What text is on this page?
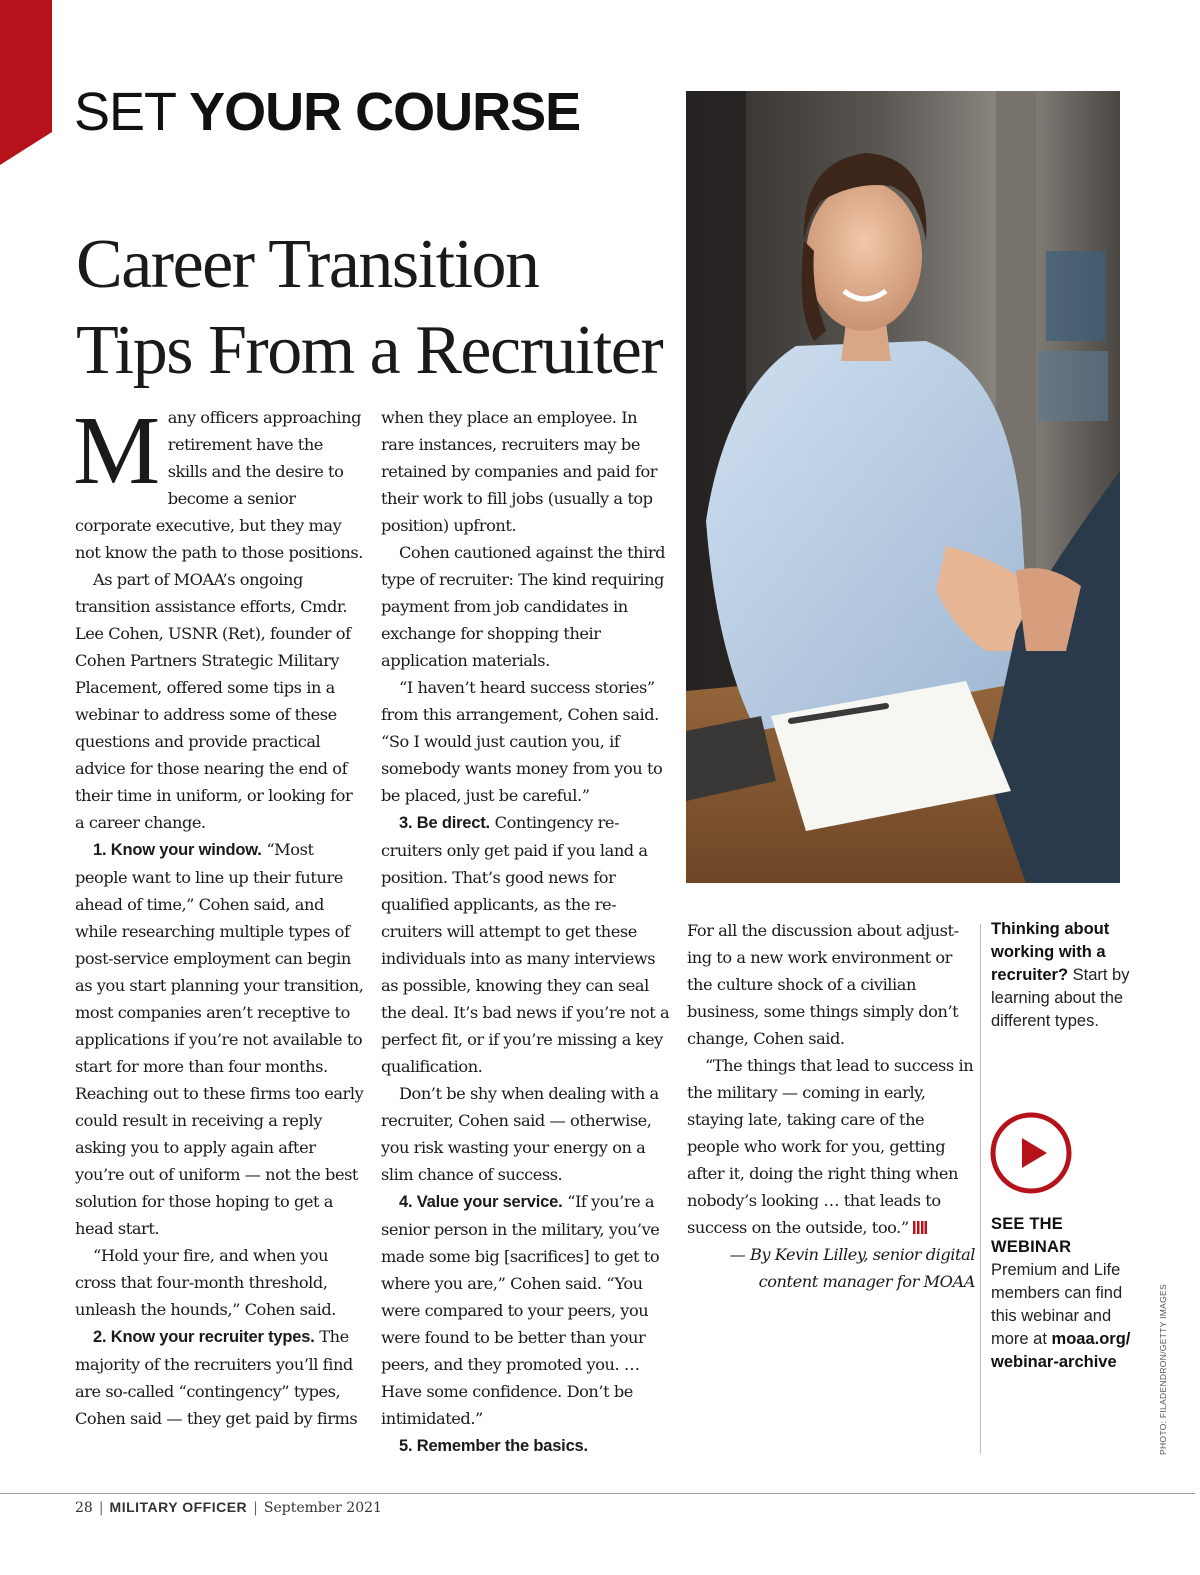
SET YOUR COURSE
Career Transition
Tips From a Recruiter

Many officers approaching retirement have the skills and the desire to become a senior corporate executive, but they may not know the path to those positions.

As part of MOAA’s ongoing transition assistance efforts, Cmdr. Lee Cohen, USNR (Ret), founder of Cohen Partners Strategic Military Placement, offered some tips in a webinar to address some of these questions and provide practical advice for those nearing the end of their time in uniform, or looking for a career change.

1. Know your window. “Most people want to line up their future ahead of time,” Cohen said, and while researching multiple types of post-service employment can begin as you start planning your transition, most companies aren’t receptive to applications if you’re not available to start for more than four months. Reaching out to these firms too early could result in receiving a reply asking you to apply again after you’re out of uniform — not the best solution for those hoping to get a head start.

“Hold your fire, and when you cross that four-month threshold, unleash the hounds,” Cohen said.

2. Know your recruiter types. The majority of the recruiters you’ll find are so-called “contingency” types, Cohen said — they get paid by firms

when they place an employee. In rare instances, recruiters may be retained by companies and paid for their work to fill jobs (usually a top position) upfront.

Cohen cautioned against the third type of recruiter: The kind requiring payment from job candidates in exchange for shopping their application materials.

“I haven’t heard success stories” from this arrangement, Cohen said. “So I would just caution you, if somebody wants money from you to be placed, just be careful.”

3. Be direct. Contingency recruiters only get paid if you land a position. That’s good news for qualified applicants, as the recruiters will attempt to get these individuals into as many interviews as possible, knowing they can seal the deal. It’s bad news if you’re not a perfect fit, or if you’re missing a key qualification.

Don’t be shy when dealing with a recruiter, Cohen said — otherwise, you risk wasting your energy on a slim chance of success.

4. Value your service. “If you’re a senior person in the military, you’ve made some big [sacrifices] to get to where you are,” Cohen said. “You were compared to your peers, you were found to be better than your peers, and they promoted you. … Have some confidence. Don’t be intimidated.”

5. Remember the basics.

For all the discussion about adjusting to a new work environment or the culture shock of a civilian business, some things simply don’t change, Cohen said.

“The things that lead to success in the military — coming in early, staying late, taking care of the people who work for you, getting after it, doing the right thing when nobody’s looking … that leads to success on the outside, too.”

— By Kevin Lilley, senior digital
content manager for MOAA

PHOTO: FILADENDRON/GETTY IMAGES

Thinking about working with a recruiter? Start by learning about the different types.

SEE THE WEBINAR

Premium and Life members can find this webinar and more at moaa.org/ webinar-archive

28 | MILITARY OFFICER | September 2021
